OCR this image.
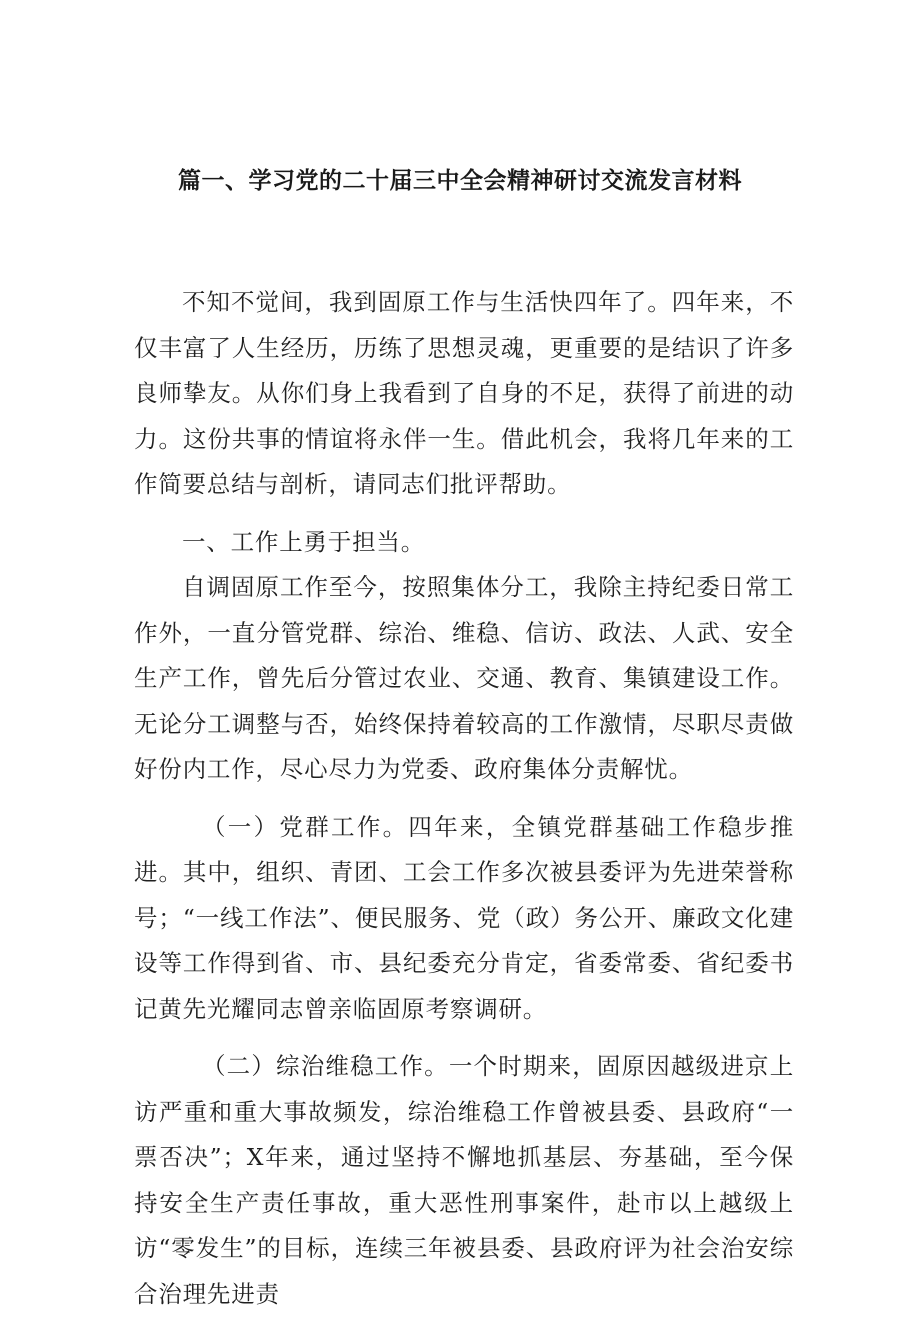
篇一、学习党的二十届三中全会精神研讨交流发言材料

不知不觉间，我到固原工作与生活快四年了。四年来，不仅丰富了人生经历，历练了思想灵魂，更重要的是结识了许多良师挚友。从你们身上我看到了自身的不足，获得了前进的动力。这份共事的情谊将永伴一生。借此机会，我将几年来的工作简要总结与剖析，请同志们批评帮助。

一、工作上勇于担当。

自调固原工作至今，按照集体分工，我除主持纪委日常工作外，一直分管党群、综治、维稳、信访、政法、人武、安全生产工作，曾先后分管过农业、交通、教育、集镇建设工作。无论分工调整与否，始终保持着较高的工作激情，尽职尽责做好份内工作，尽心尽力为党委、政府集体分责解忧。

（一）党群工作。四年来，全镇党群基础工作稳步推进。其中，组织、青团、工会工作多次被县委评为先进荣誉称号；“一线工作法”、便民服务、党（政）务公开、廉政文化建设等工作得到省、市、县纪委充分肯定，省委常委、省纪委书记黄先光耀同志曾亲临固原考察调研。

（二）综治维稳工作。一个时期来，固原因越级进京上访严重和重大事故频发，综治维稳工作曾被县委、县政府“一票否决”；X年来，通过坚持不懈地抓基层、夯基础，至今保持安全生产责任事故，重大恶性刑事案件，赴市以上越级上访“零发生”的目标，连续三年被县委、县政府评为社会治安综合治理先进责
